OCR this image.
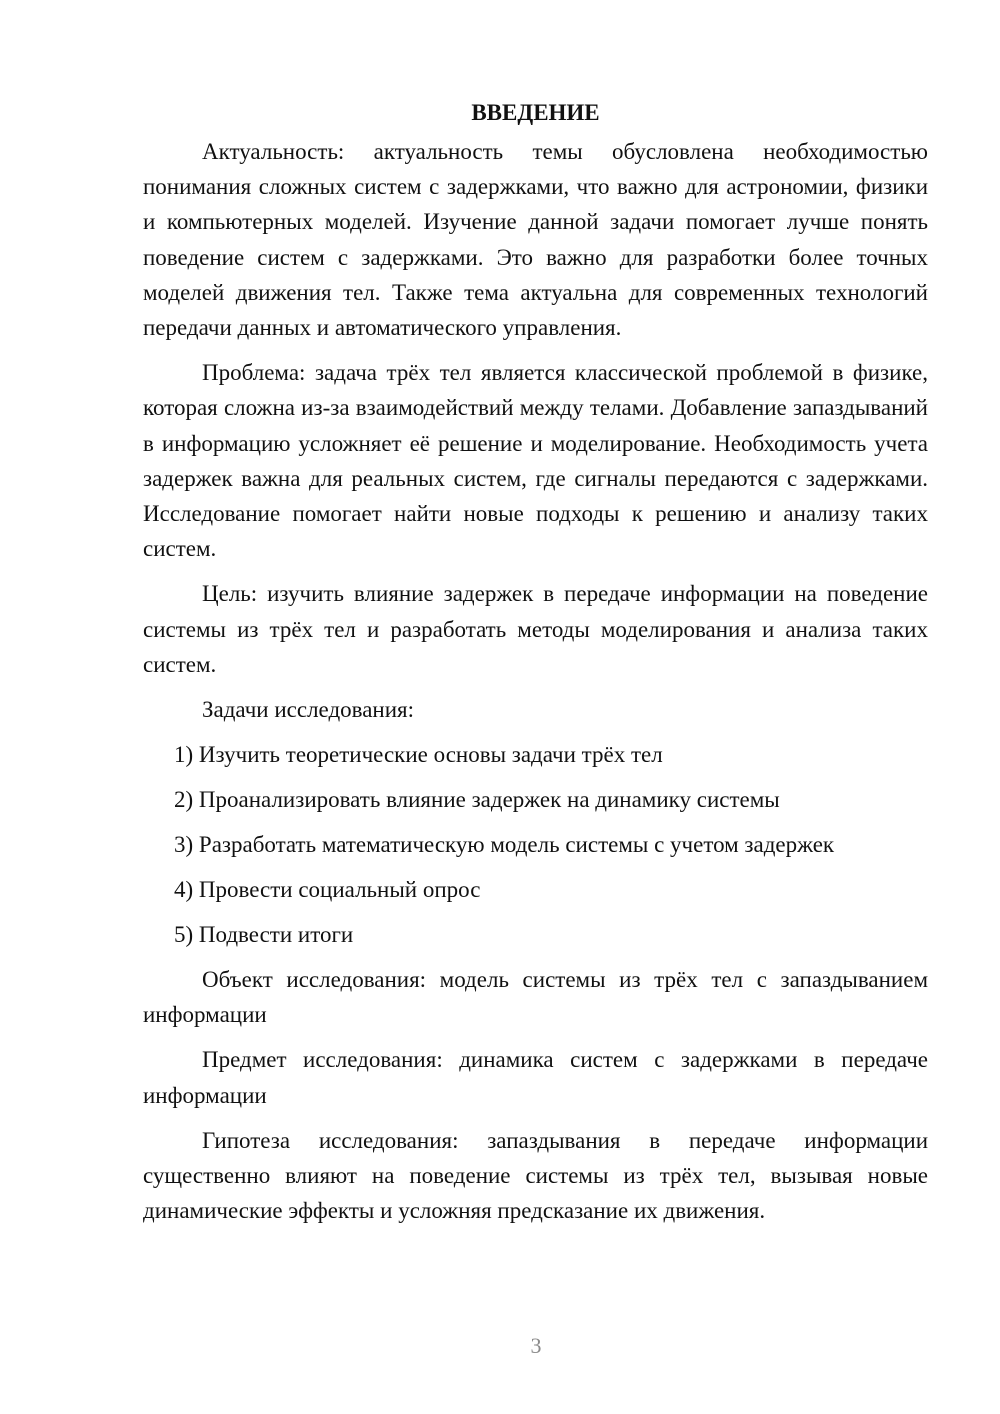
ВВЕДЕНИЕ

Актуальность: актуальность темы обусловлена необходимостью понимания сложных систем с задержками, что важно для астрономии, физики и компьютерных моделей. Изучение данной задачи помогает лучше понять поведение систем с задержками. Это важно для разработки более точных моделей движения тел. Также тема актуальна для современных технологий передачи данных и автоматического управления.

Проблема: задача трёх тел является классической проблемой в физике, которая сложна из-за взаимодействий между телами. Добавление запаздываний в информацию усложняет её решение и моделирование. Необходимость учета задержек важна для реальных систем, где сигналы передаются с задержками. Исследование помогает найти новые подходы к решению и анализу таких систем.

Цель: изучить влияние задержек в передаче информации на поведение системы из трёх тел и разработать методы моделирования и анализа таких систем.

Задачи исследования:

1) Изучить теоретические основы задачи трёх тел
2) Проанализировать влияние задержек на динамику системы
3) Разработать математическую модель системы с учетом задержек
4) Провести социальный опрос
5) Подвести итоги

Объект исследования: модель системы из трёх тел с запаздыванием информации

Предмет исследования: динамика систем с задержками в передаче информации

Гипотеза исследования: запаздывания в передаче информации существенно влияют на поведение системы из трёх тел, вызывая новые динамические эффекты и усложняя предсказание их движения.

3
